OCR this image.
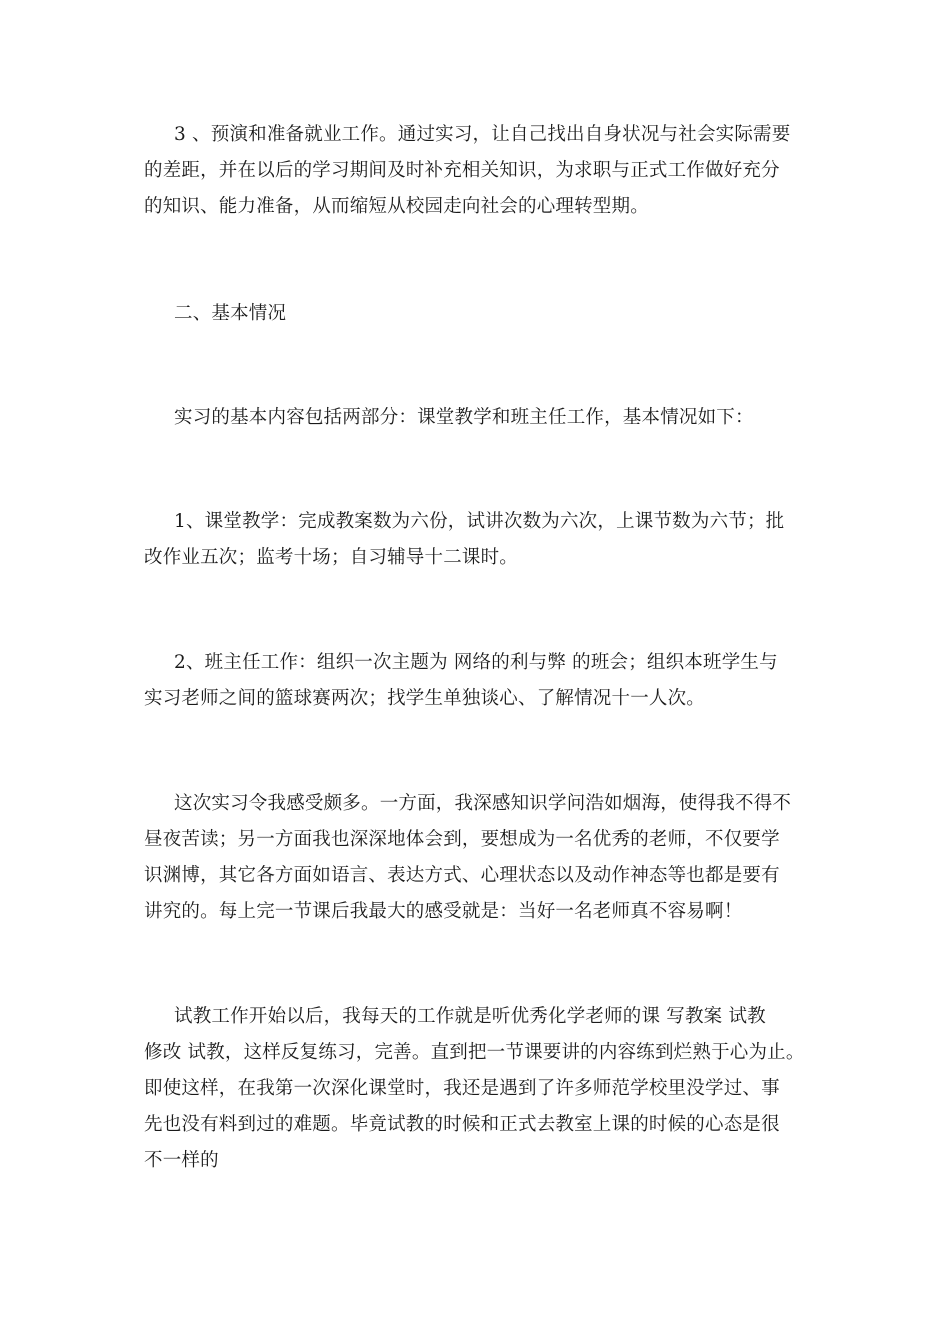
3 、预演和准备就业工作。通过实习，让自己找出自身状况与社会实际需要
的差距，并在以后的学习期间及时补充相关知识，为求职与正式工作做好充分
的知识、能力准备，从而缩短从校园走向社会的心理转型期。
二、基本情况
实习的基本内容包括两部分：课堂教学和班主任工作，基本情况如下：
1、课堂教学：完成教案数为六份，试讲次数为六次，上课节数为六节；批
改作业五次；监考十场；自习辅导十二课时。
2、班主任工作：组织一次主题为 网络的利与弊 的班会；组织本班学生与
实习老师之间的篮球赛两次；找学生单独谈心、了解情况十一人次。
这次实习令我感受颇多。一方面，我深感知识学问浩如烟海，使得我不得不
昼夜苦读；另一方面我也深深地体会到，要想成为一名优秀的老师，不仅要学
识渊博，其它各方面如语言、表达方式、心理状态以及动作神态等也都是要有
讲究的。每上完一节课后我最大的感受就是：当好一名老师真不容易啊！
试教工作开始以后，我每天的工作就是听优秀化学老师的课 写教案 试教
修改 试教，这样反复练习，完善。直到把一节课要讲的内容练到烂熟于心为止。
即使这样，在我第一次深化课堂时，我还是遇到了许多师范学校里没学过、事
先也没有料到过的难题。毕竟试教的时候和正式去教室上课的时候的心态是很
不一样的
